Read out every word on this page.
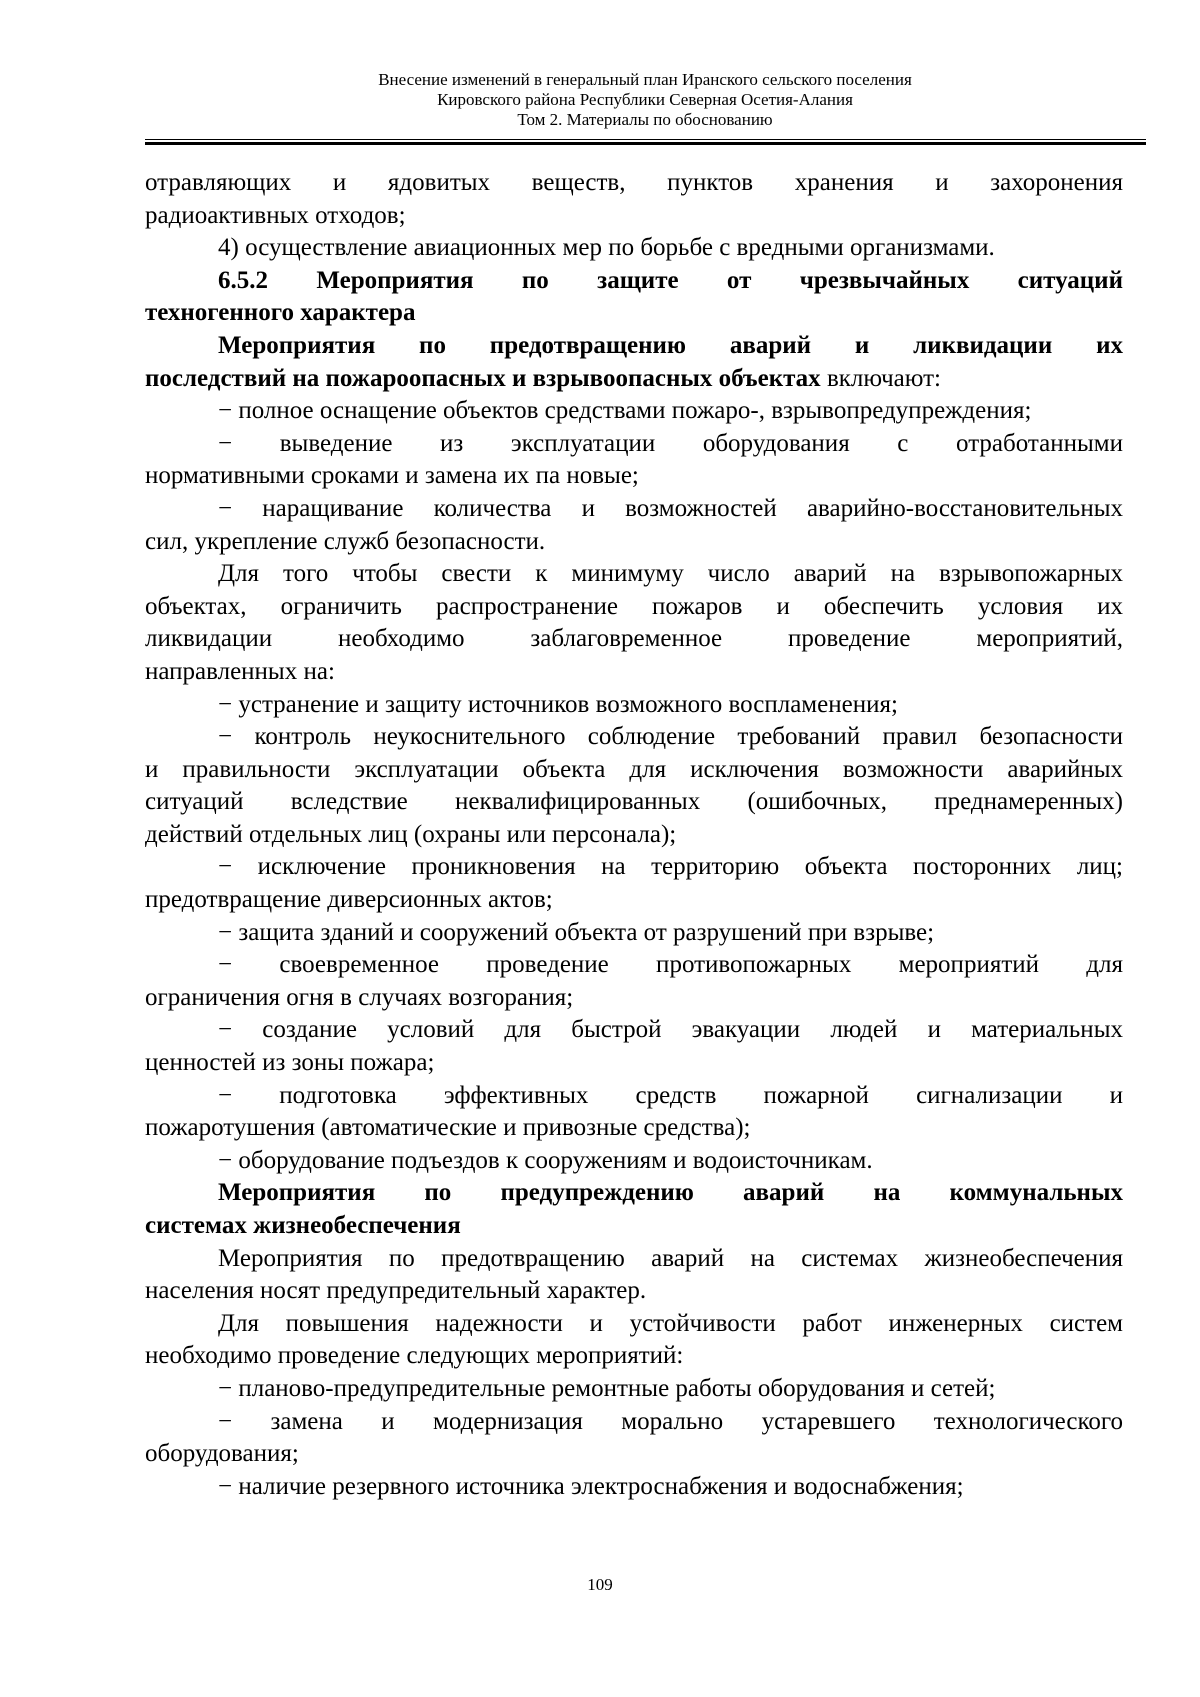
Внесение изменений в генеральный план Иранского сельского поселения
Кировского района Республики Северная Осетия-Алания
Том 2. Материалы по обоснованию
отравляющих и ядовитых веществ, пунктов хранения и захоронения
радиоактивных отходов;
4) осуществление авиационных мер по борьбе с вредными организмами.
6.5.2 Мероприятия по защите от чрезвычайных ситуаций
техногенного характера
Мероприятия по предотвращению аварий и ликвидации их
последствий на пожароопасных и взрывоопасных объектах включают:
− полное оснащение объектов средствами пожаро-, взрывопредупреждения;
− выведение из эксплуатации оборудования с отработанными
нормативными сроками и замена их па новые;
− наращивание количества и возможностей аварийно-восстановительных
сил, укрепление служб безопасности.
Для того чтобы свести к минимуму число аварий на взрывопожарных
объектах, ограничить распространение пожаров и обеспечить условия их
ликвидации необходимо заблаговременное проведение мероприятий,
направленных на:
− устранение и защиту источников возможного воспламенения;
− контроль неукоснительного соблюдение требований правил безопасности
и правильности эксплуатации объекта для исключения возможности аварийных
ситуаций вследствие неквалифицированных (ошибочных, преднамеренных)
действий отдельных лиц (охраны или персонала);
− исключение проникновения на территорию объекта посторонних лиц;
предотвращение диверсионных актов;
− защита зданий и сооружений объекта от разрушений при взрыве;
− своевременное проведение противопожарных мероприятий для
ограничения огня в случаях возгорания;
− создание условий для быстрой эвакуации людей и материальных
ценностей из зоны пожара;
− подготовка эффективных средств пожарной сигнализации и
пожаротушения (автоматические и привозные средства);
− оборудование подъездов к сооружениям и водоисточникам.
Мероприятия по предупреждению аварий на коммунальных
системах жизнеобеспечения
Мероприятия по предотвращению аварий на системах жизнеобеспечения
населения носят предупредительный характер.
Для повышения надежности и устойчивости работ инженерных систем
необходимо проведение следующих мероприятий:
− планово-предупредительные ремонтные работы оборудования и сетей;
− замена и модернизация морально устаревшего технологического
оборудования;
− наличие резервного источника электроснабжения и водоснабжения;
109
